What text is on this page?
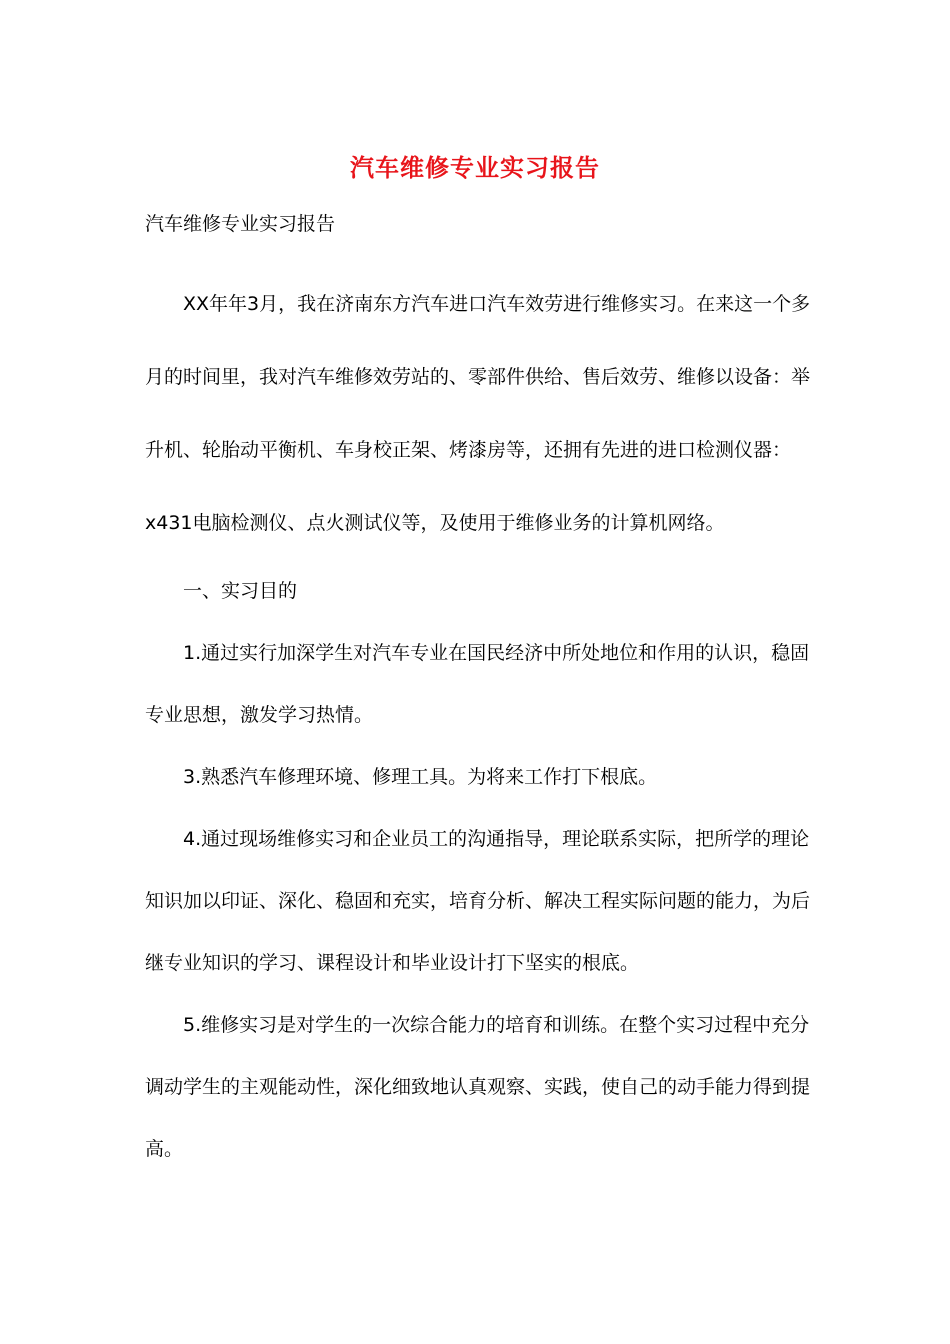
汽车维修专业实习报告
汽车维修专业实习报告

XX年年3月，我在济南东方汽车进口汽车效劳进行维修实习。在来这一个多月的时间里，我对汽车维修效劳站的、零部件供给、售后效劳、维修以设备：举升机、轮胎动平衡机、车身校正架、烤漆房等，还拥有先进的进口检测仪器：x431电脑检测仪、点火测试仪等，及使用于维修业务的计算机网络。

一、实习目的

1.通过实行加深学生对汽车专业在国民经济中所处地位和作用的认识，稳固专业思想，激发学习热情。

3.熟悉汽车修理环境、修理工具。为将来工作打下根底。

4.通过现场维修实习和企业员工的沟通指导，理论联系实际，把所学的理论知识加以印证、深化、稳固和充实，培育分析、解决工程实际问题的能力，为后继专业知识的学习、课程设计和毕业设计打下坚实的根底。

5.维修实习是对学生的一次综合能力的培育和训练。在整个实习过程中充分调动学生的主观能动性，深化细致地认真观察、实践，使自己的动手能力得到提高。
